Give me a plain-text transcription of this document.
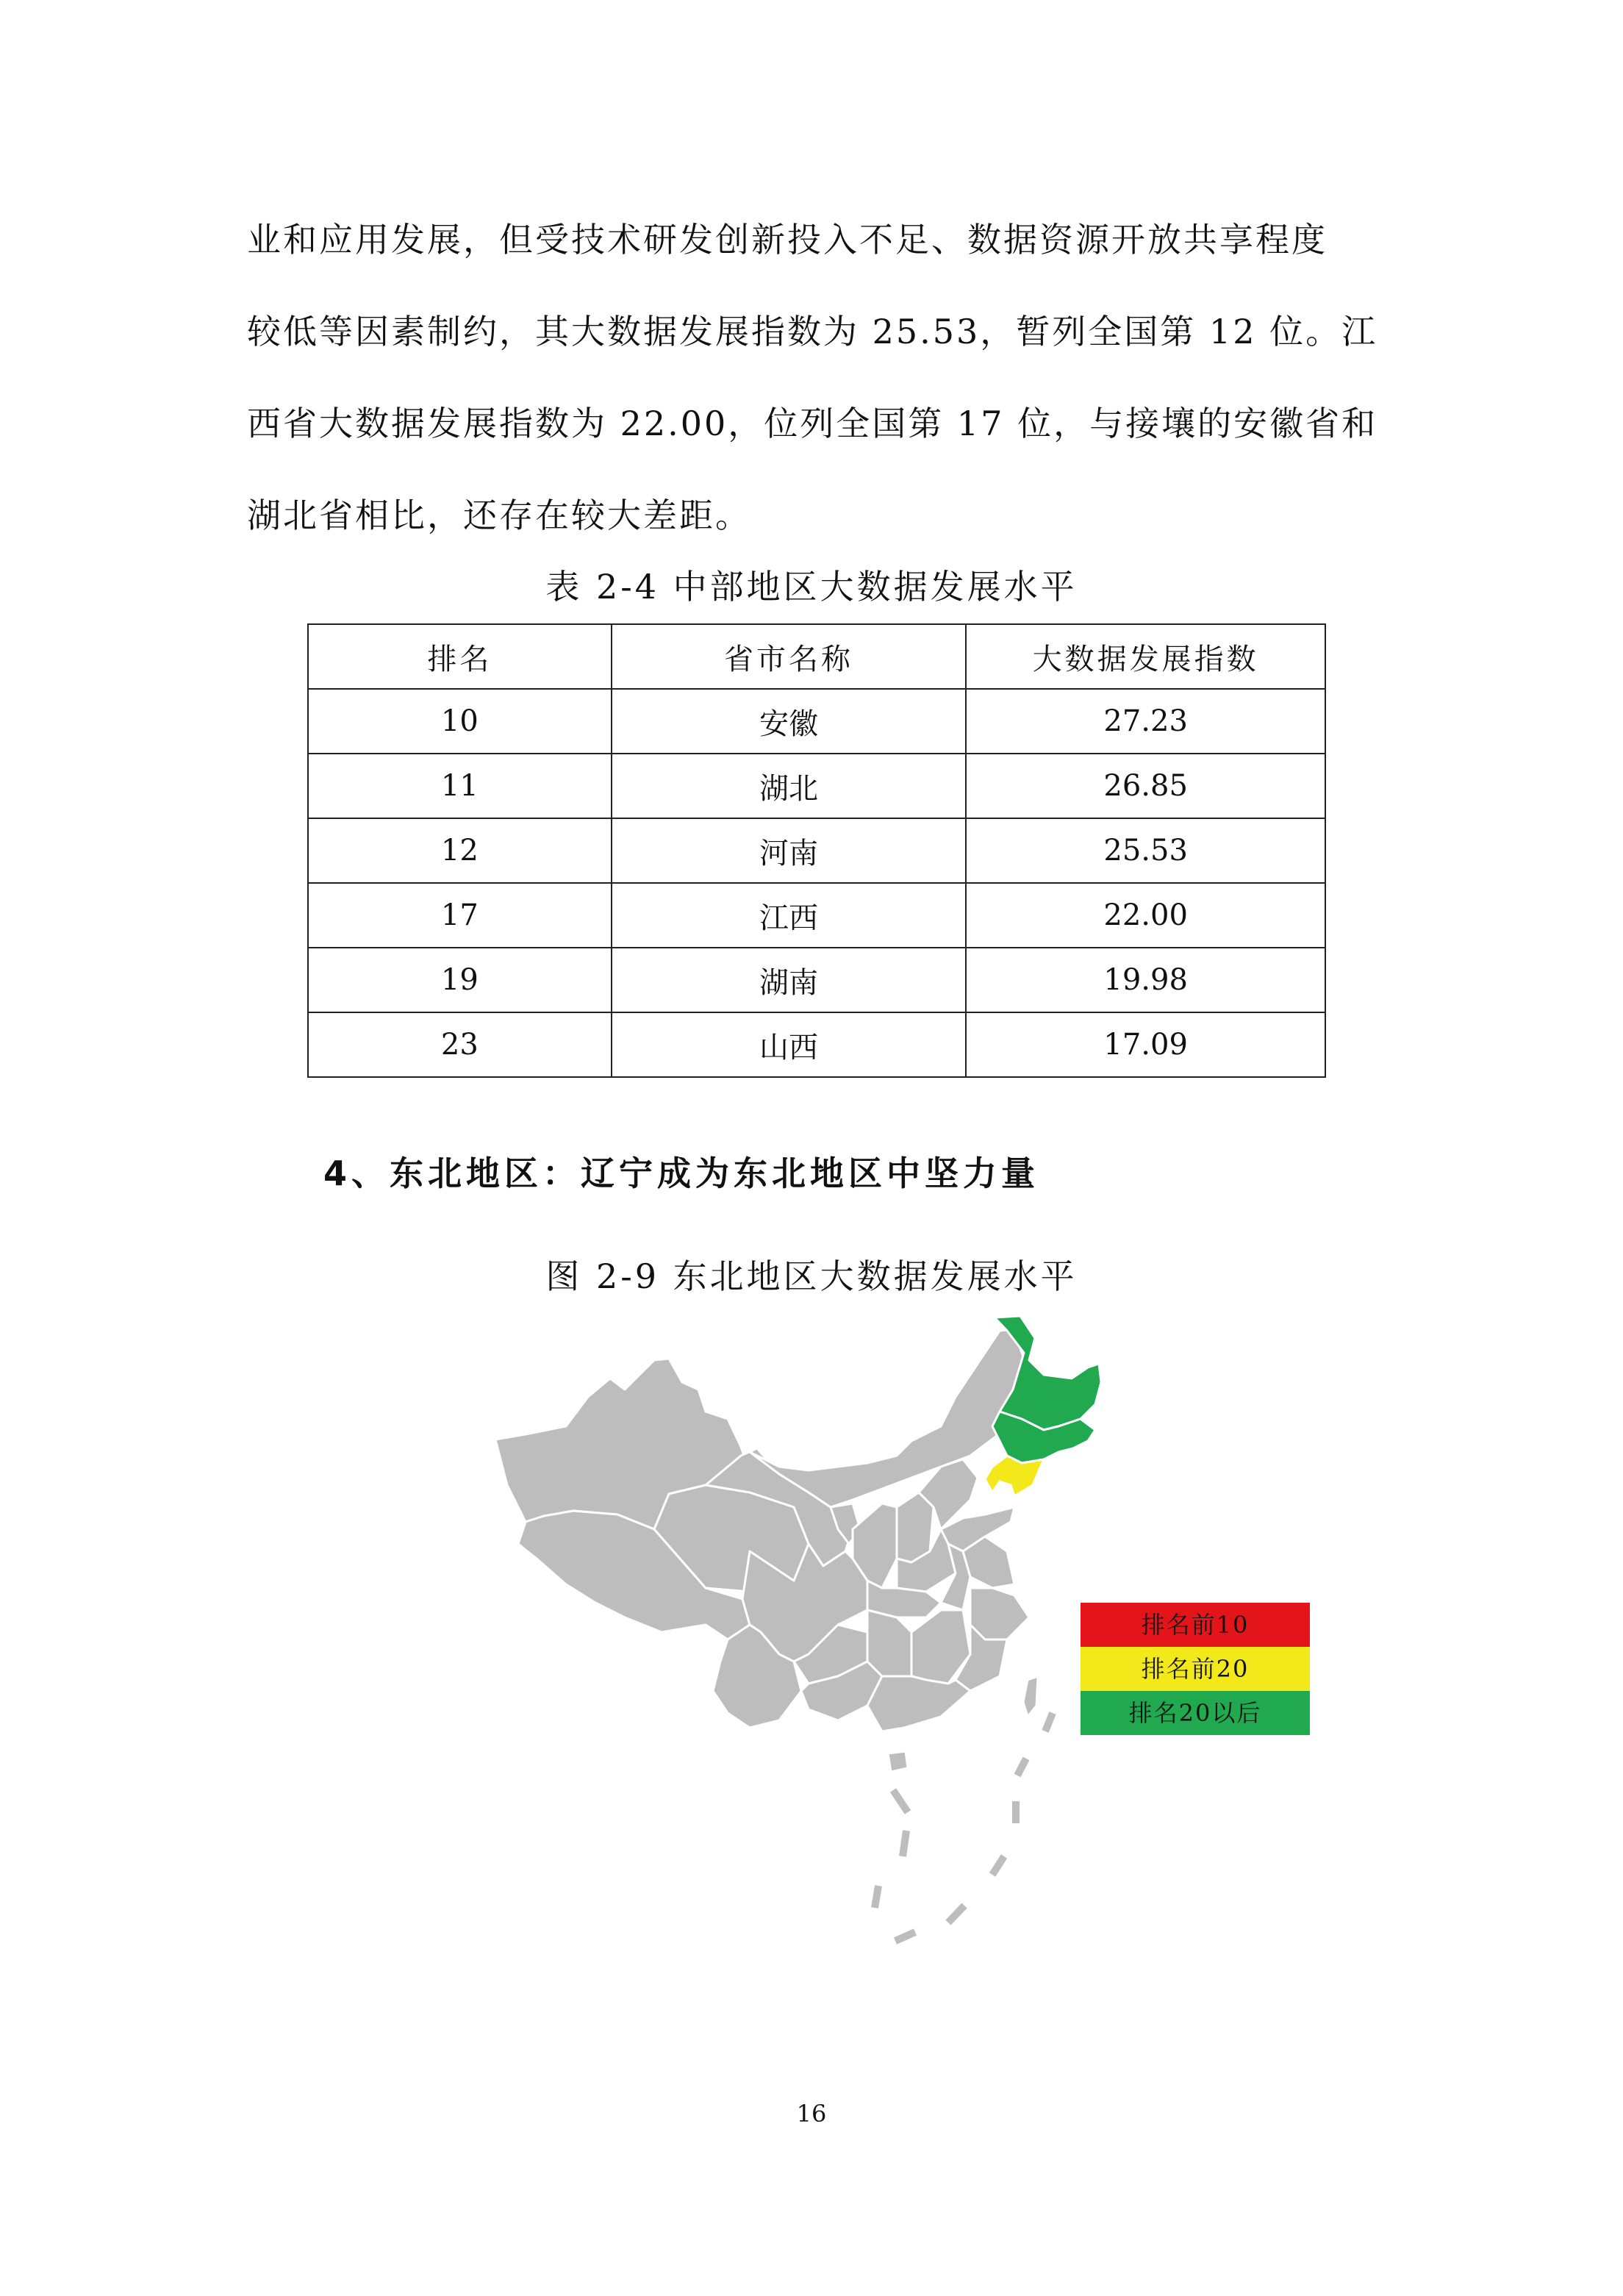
业和应用发展，但受技术研发创新投入不足、数据资源开放共享程度
较低等因素制约，其大数据发展指数为 25.53，暂列全国第 12 位。江
西省大数据发展指数为 22.00，位列全国第 17 位，与接壤的安徽省和
湖北省相比，还存在较大差距。
表 2-4 中部地区大数据发展水平
排名	省市名称	大数据发展指数
10	安徽	27.23
11	湖北	26.85
12	河南	25.53
17	江西	22.00
19	湖南	19.98
23	山西	17.09
4、东北地区：辽宁成为东北地区中坚力量
图 2-9 东北地区大数据发展水平
排名前10
排名前20
排名20以后
16
